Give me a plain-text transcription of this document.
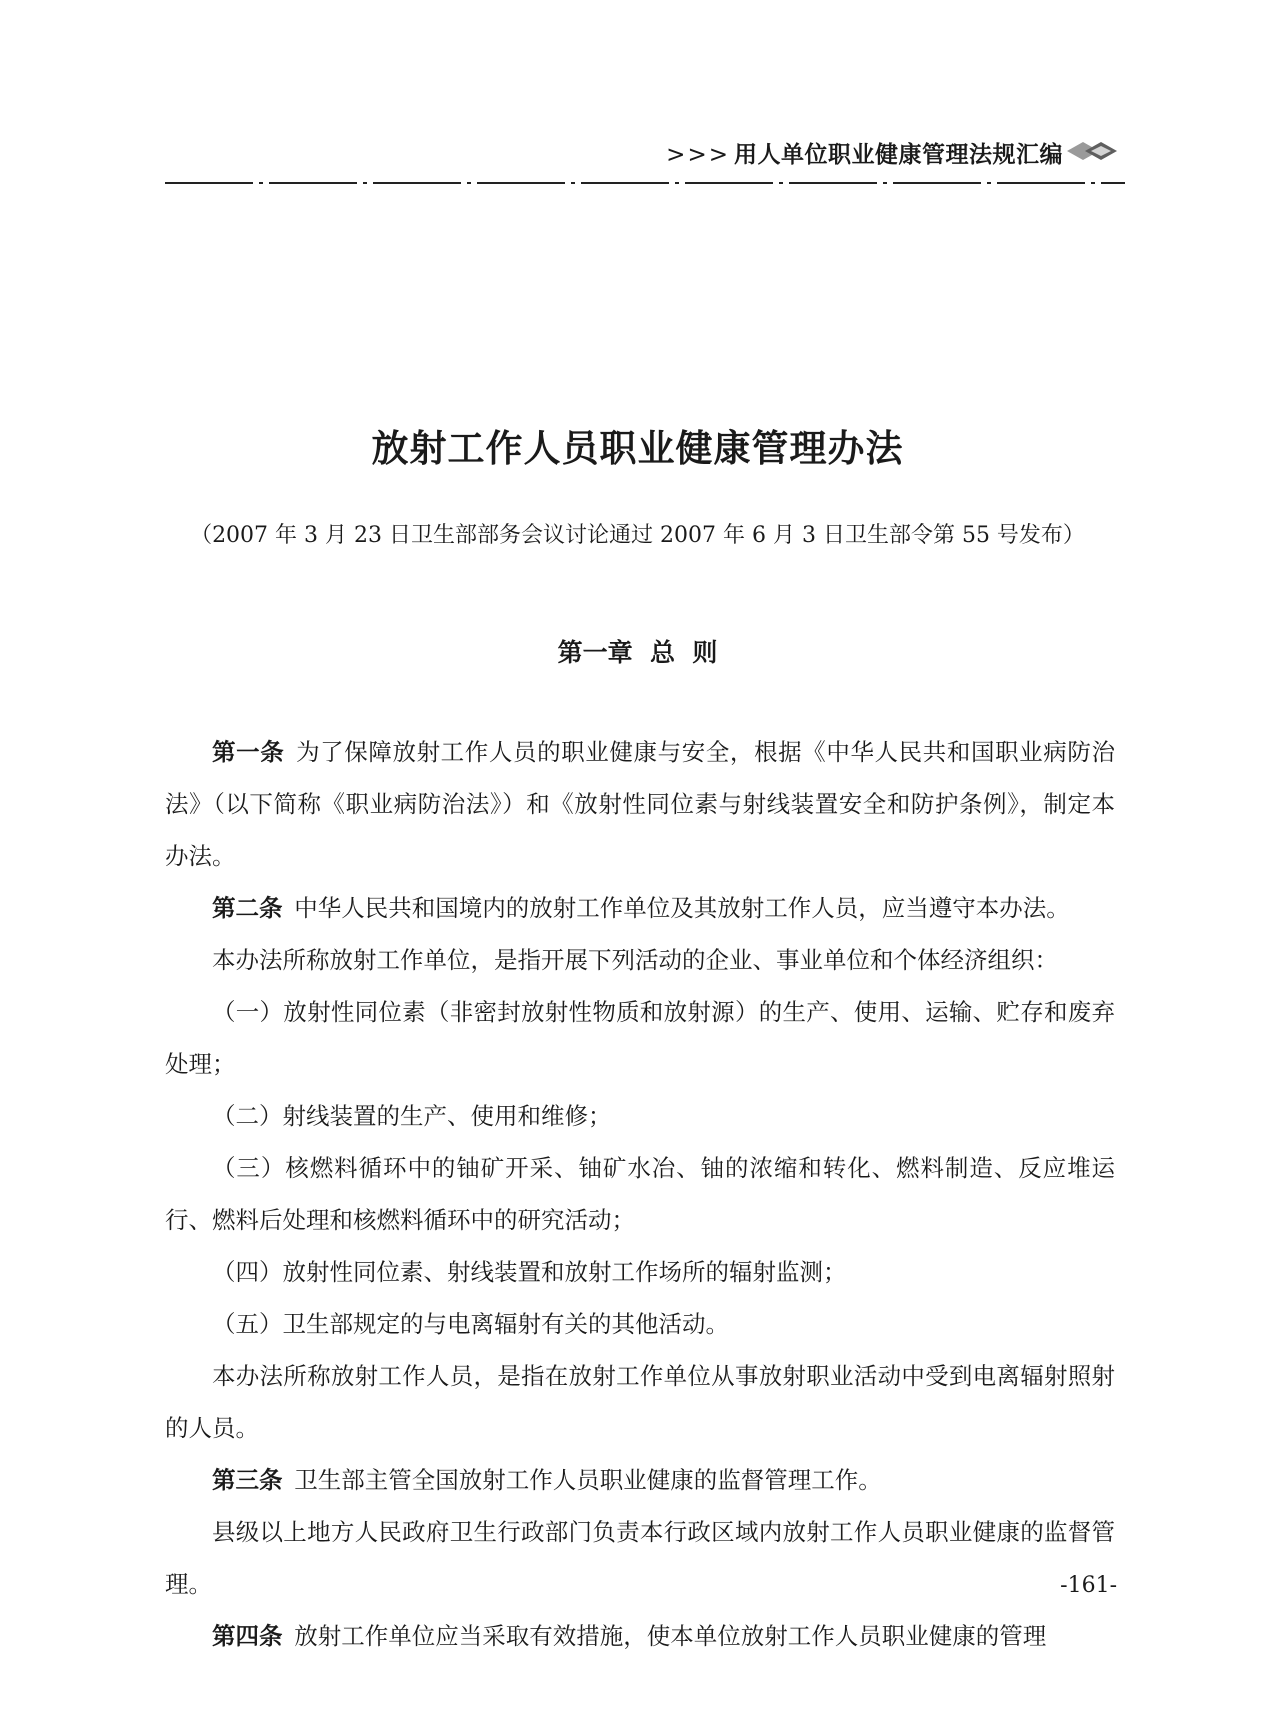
>>> 用人单位职业健康管理法规汇编
放射工作人员职业健康管理办法
（2007 年 3 月 23 日卫生部部务会议讨论通过 2007 年 6 月 3 日卫生部令第 55 号发布）
第一章  总  则

第一条 为了保障放射工作人员的职业健康与安全，根据《中华人民共和国职业病防治法》（以下简称《职业病防治法》）和《放射性同位素与射线装置安全和防护条例》，制定本办法。

第二条 中华人民共和国境内的放射工作单位及其放射工作人员，应当遵守本办法。

本办法所称放射工作单位，是指开展下列活动的企业、事业单位和个体经济组织：

（一）放射性同位素（非密封放射性物质和放射源）的生产、使用、运输、贮存和废弃处理；

（二）射线装置的生产、使用和维修；

（三）核燃料循环中的铀矿开采、铀矿水冶、铀的浓缩和转化、燃料制造、反应堆运行、燃料后处理和核燃料循环中的研究活动；

（四）放射性同位素、射线装置和放射工作场所的辐射监测；

（五）卫生部规定的与电离辐射有关的其他活动。

本办法所称放射工作人员，是指在放射工作单位从事放射职业活动中受到电离辐射照射的人员。

第三条 卫生部主管全国放射工作人员职业健康的监督管理工作。

县级以上地方人民政府卫生行政部门负责本行政区域内放射工作人员职业健康的监督管理。

第四条 放射工作单位应当采取有效措施，使本单位放射工作人员职业健康的管理

-161-
